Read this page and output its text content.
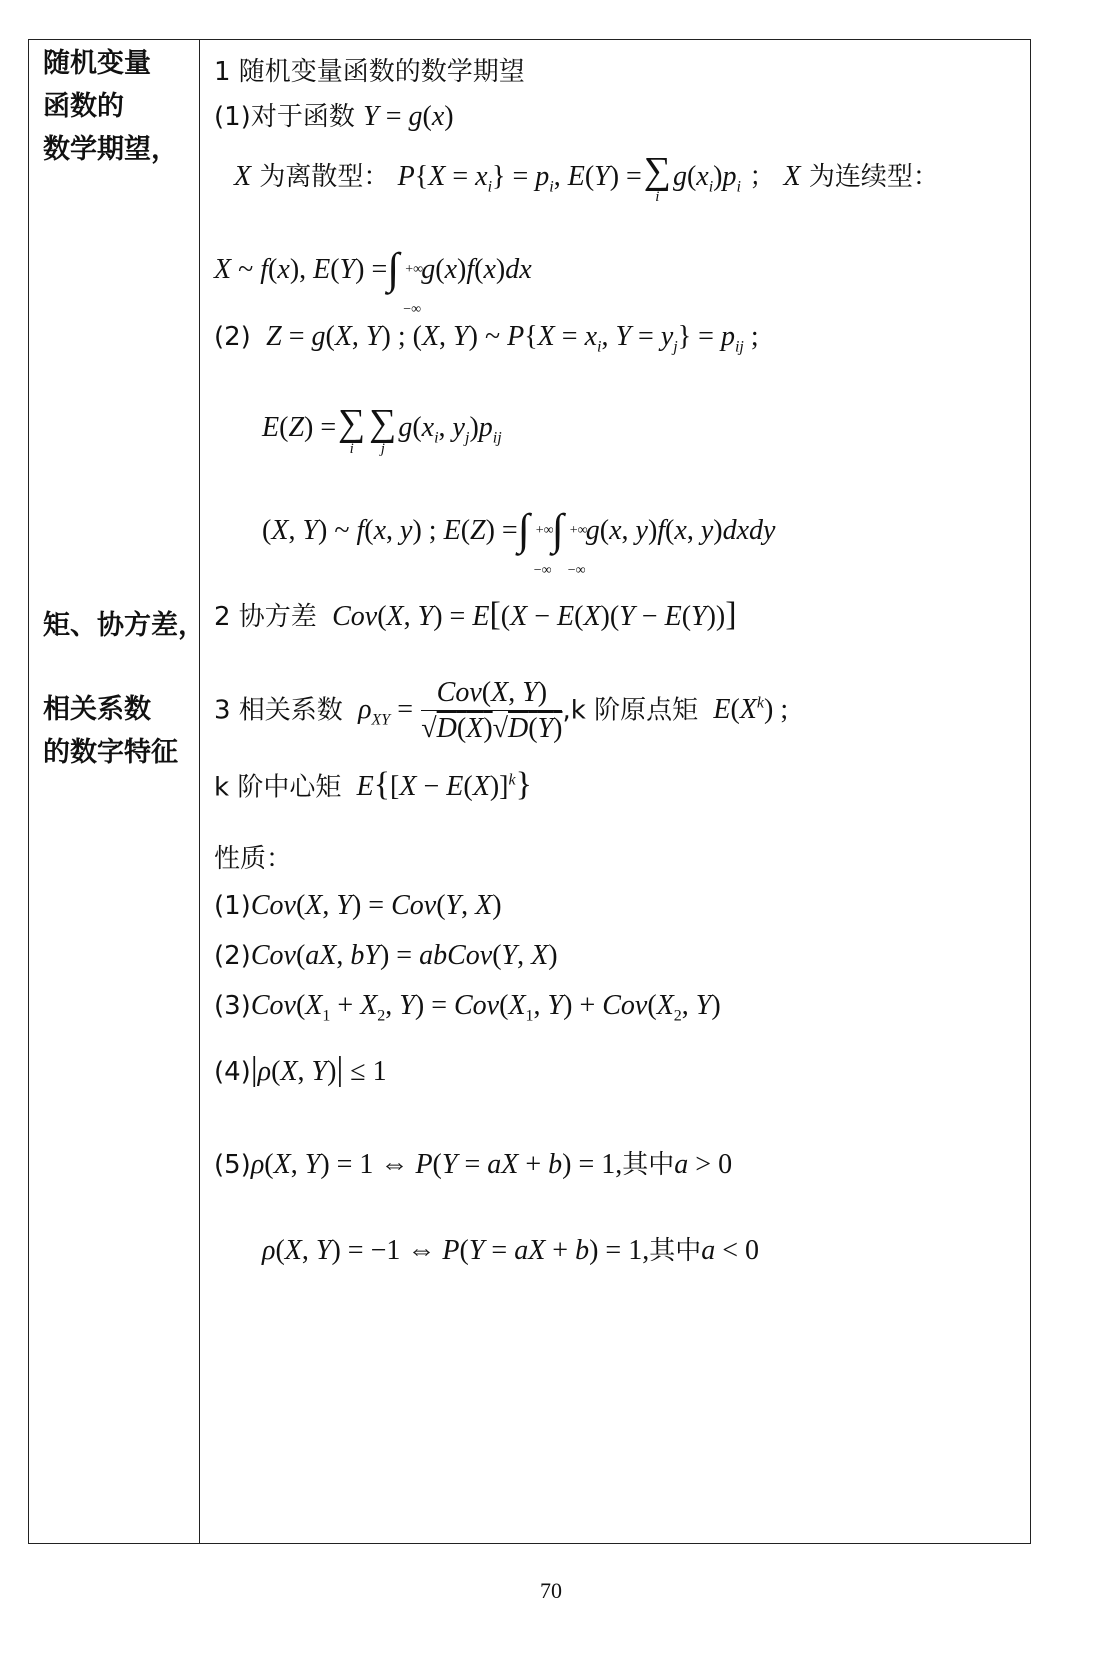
随机变量
函数的
数学期望，
矩、协方差，
相关系数
的数字特征
1 随机变量函数的数学期望
(1)对于函数 Y = g(x)
X 为离散型： $P\{X = x_i\} = p_i$, E(Y) = ∑
i
$g(x_i)p_i$ ； X 为连续型：
X ~ f(x), E(Y) = ∫ +∞
−∞
g(x)f(x)dx
(2) Z = g(X, Y) ; (X, Y) ~ $P\{X = x_i$, $Y = y_j\} = p_{ij}$ ;
E(Z) = ∑
i
∑
j
$g(x_i$, $y_j)p_{ij}$
(X, Y) ~ f(x, y) ; E(Z) = ∫ +∞
−∞
∫ +∞
−∞
g(x, y)f(x, y)dxdy
2 协方差 Cov(X, Y) = E[(X − E(X)(Y − E(Y))]
3 相关系数 $\rho_{XY} = \frac{\text{Cov(X, Y)}}{√D(X)√D(Y)} ,k$ 阶原点矩 $E(X^k)$ ;
k 阶中心矩 $E\{[X - E(X)]^k\}$
性质：
(1)Cov(X, Y) = Cov(Y, X)
(2)Cov(aX, bY) = abCov(Y, X)
$(3)Cov(X_1 + X_2$, $Y) = Cov(X_1$, $Y) + Cov(X_2$, Y)
(4)|ρ(X, Y)| ≤ 1
(5)ρ(X, Y) = 1 ⇔ P(Y = aX + b) = 1,其中a > 0
ρ(X, Y) = −1 ⇔ P(Y = aX + b) = 1,其中a < 0
70
